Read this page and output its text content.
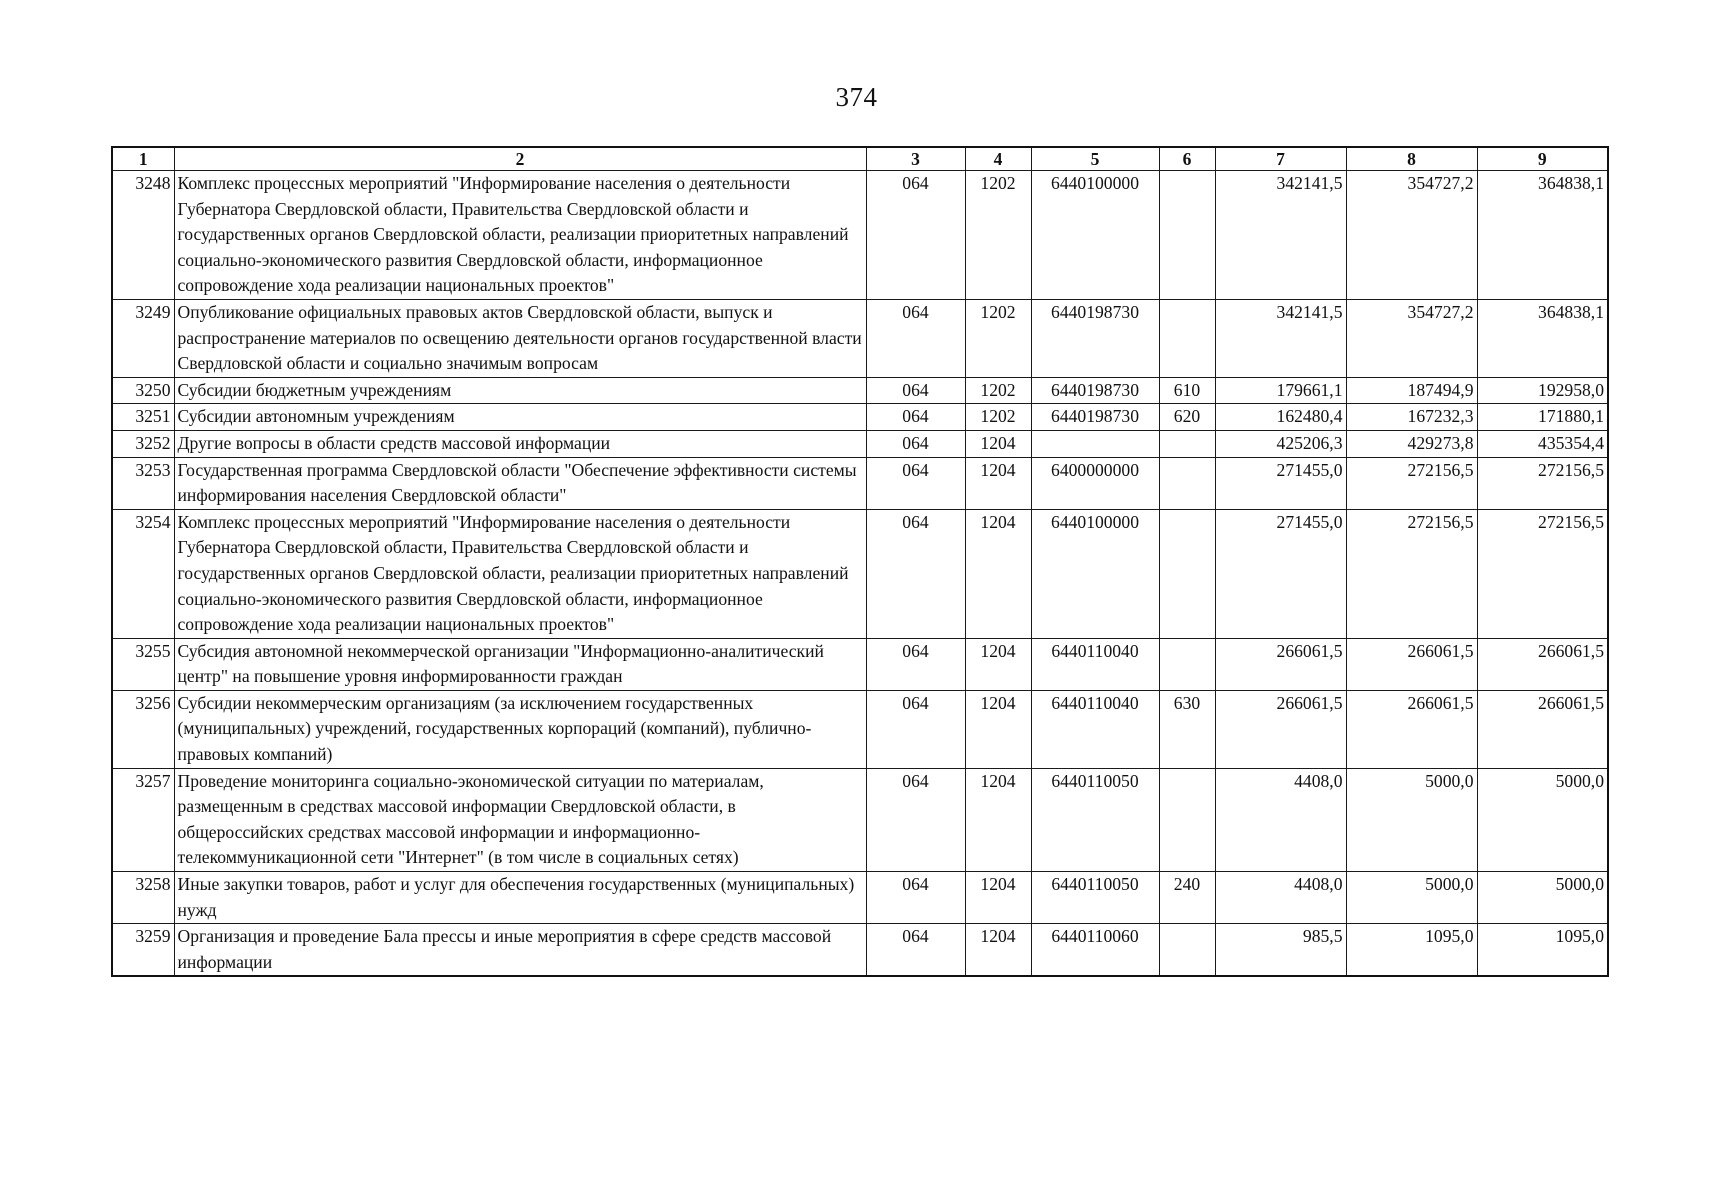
374
1	2	3	4	5	6	7	8	9
3248	Комплекс процессных мероприятий "Информирование населения о деятельности Губернатора Свердловской области, Правительства Свердловской области и государственных органов Свердловской области, реализации приоритетных направлений социально-экономического развития Свердловской области, информационное сопровождение хода реализации национальных проектов"	064	1202	6440100000		342141,5	354727,2	364838,1
3249	Опубликование официальных правовых актов Свердловской области, выпуск и распространение материалов по освещению деятельности органов государственной власти Свердловской области и социально значимым вопросам	064	1202	6440198730		342141,5	354727,2	364838,1
3250	Субсидии бюджетным учреждениям	064	1202	6440198730	610	179661,1	187494,9	192958,0
3251	Субсидии автономным учреждениям	064	1202	6440198730	620	162480,4	167232,3	171880,1
3252	Другие вопросы в области средств массовой информации	064	1204			425206,3	429273,8	435354,4
3253	Государственная программа Свердловской области "Обеспечение эффективности системы информирования населения Свердловской области"	064	1204	6400000000		271455,0	272156,5	272156,5
3254	Комплекс процессных мероприятий "Информирование населения о деятельности Губернатора Свердловской области, Правительства Свердловской области и государственных органов Свердловской области, реализации приоритетных направлений социально-экономического развития Свердловской области, информационное сопровождение хода реализации национальных проектов"	064	1204	6440100000		271455,0	272156,5	272156,5
3255	Субсидия автономной некоммерческой организации "Информационно-аналитический центр" на повышение уровня информированности граждан	064	1204	6440110040		266061,5	266061,5	266061,5
3256	Субсидии некоммерческим организациям (за исключением государственных (муниципальных) учреждений, государственных корпораций (компаний), публично-правовых компаний)	064	1204	6440110040	630	266061,5	266061,5	266061,5
3257	Проведение мониторинга социально-экономической ситуации по материалам, размещенным в средствах массовой информации Свердловской области, в общероссийских средствах массовой информации и информационно-телекоммуникационной сети "Интернет" (в том числе в социальных сетях)	064	1204	6440110050		4408,0	5000,0	5000,0
3258	Иные закупки товаров, работ и услуг для обеспечения государственных (муниципальных) нужд	064	1204	6440110050	240	4408,0	5000,0	5000,0
3259	Организация и проведение Бала прессы и иные мероприятия в сфере средств массовой информации	064	1204	6440110060		985,5	1095,0	1095,0
